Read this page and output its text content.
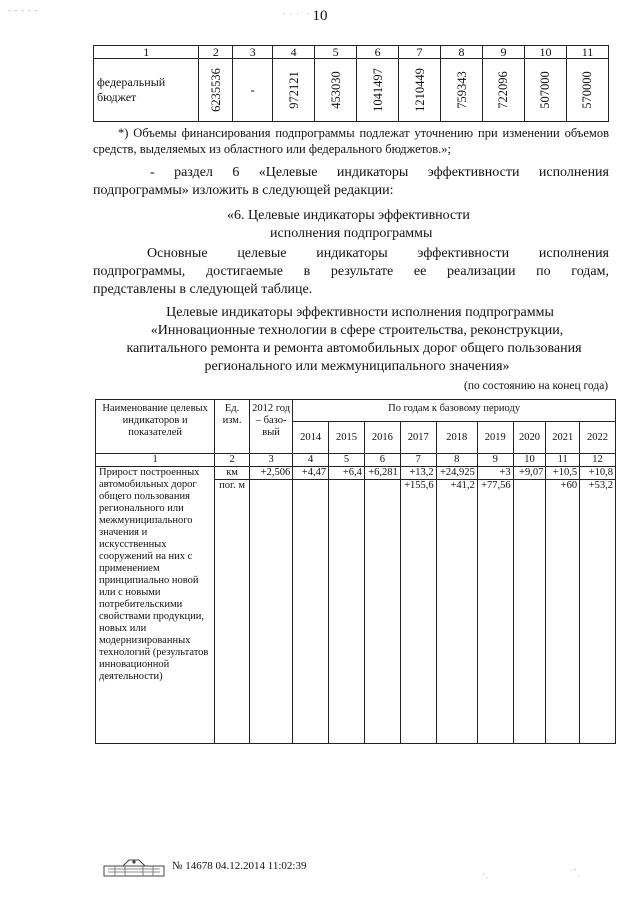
- - - - -	· · ·˙ · 10
1	2	3	4	5	6	7	8	9	10	11
федеральный бюджет	6235536	-	972121	453030	1041497	1210449	759343	722096	507000	570000
*) Объемы финансирования подпрограммы подлежат уточнению при изменении объемов средств, выделяемых из областного или федерального бюджетов.»;
- раздел 6 «Целевые индикаторы эффективности исполнения
подпрограммы» изложить в следующей редакции:
«6. Целевые индикаторы эффективности
исполнения подпрограммы
Основные целевые индикаторы эффективности исполнения
подпрограммы, достигаемые в результате ее реализации по годам,
представлены в следующей таблице.
Целевые индикаторы эффективности исполнения подпрограммы
«Инновационные технологии в сфере строительства, реконструкции,
капитального ремонта и ремонта автомобильных дорог общего пользования
регионального или межмуниципального значения»
(по состоянию на конец года)
Наименование целевых индикаторов и показателей	Ед. изм.	2012 год – базо-вый	По годам к базовому периоду								
			2014	2015	2016	2017	2018	2019	2020	2021	2022
1	2	3	4	5	6	7	8	9	10	11	12
Прирост построенных автомобильных дорог общего пользования регионального или межмуниципального значения и искусственных сооружений на них с применением принципиально новой или с новыми потребительскими свойствами продукции, новых или модернизированных технологий (результатов инновационной деятельности)	км	+2,506	+4,47	+6,4	+6,281	+13,2	+24,925	+3	+9,07	+10,5	+10,8
	пог. м					+155,6	+41,2	+77,56		+60	+53,2
№ 14678 04.12.2014 11:02:39
·ˎ	˙˚ˎ
